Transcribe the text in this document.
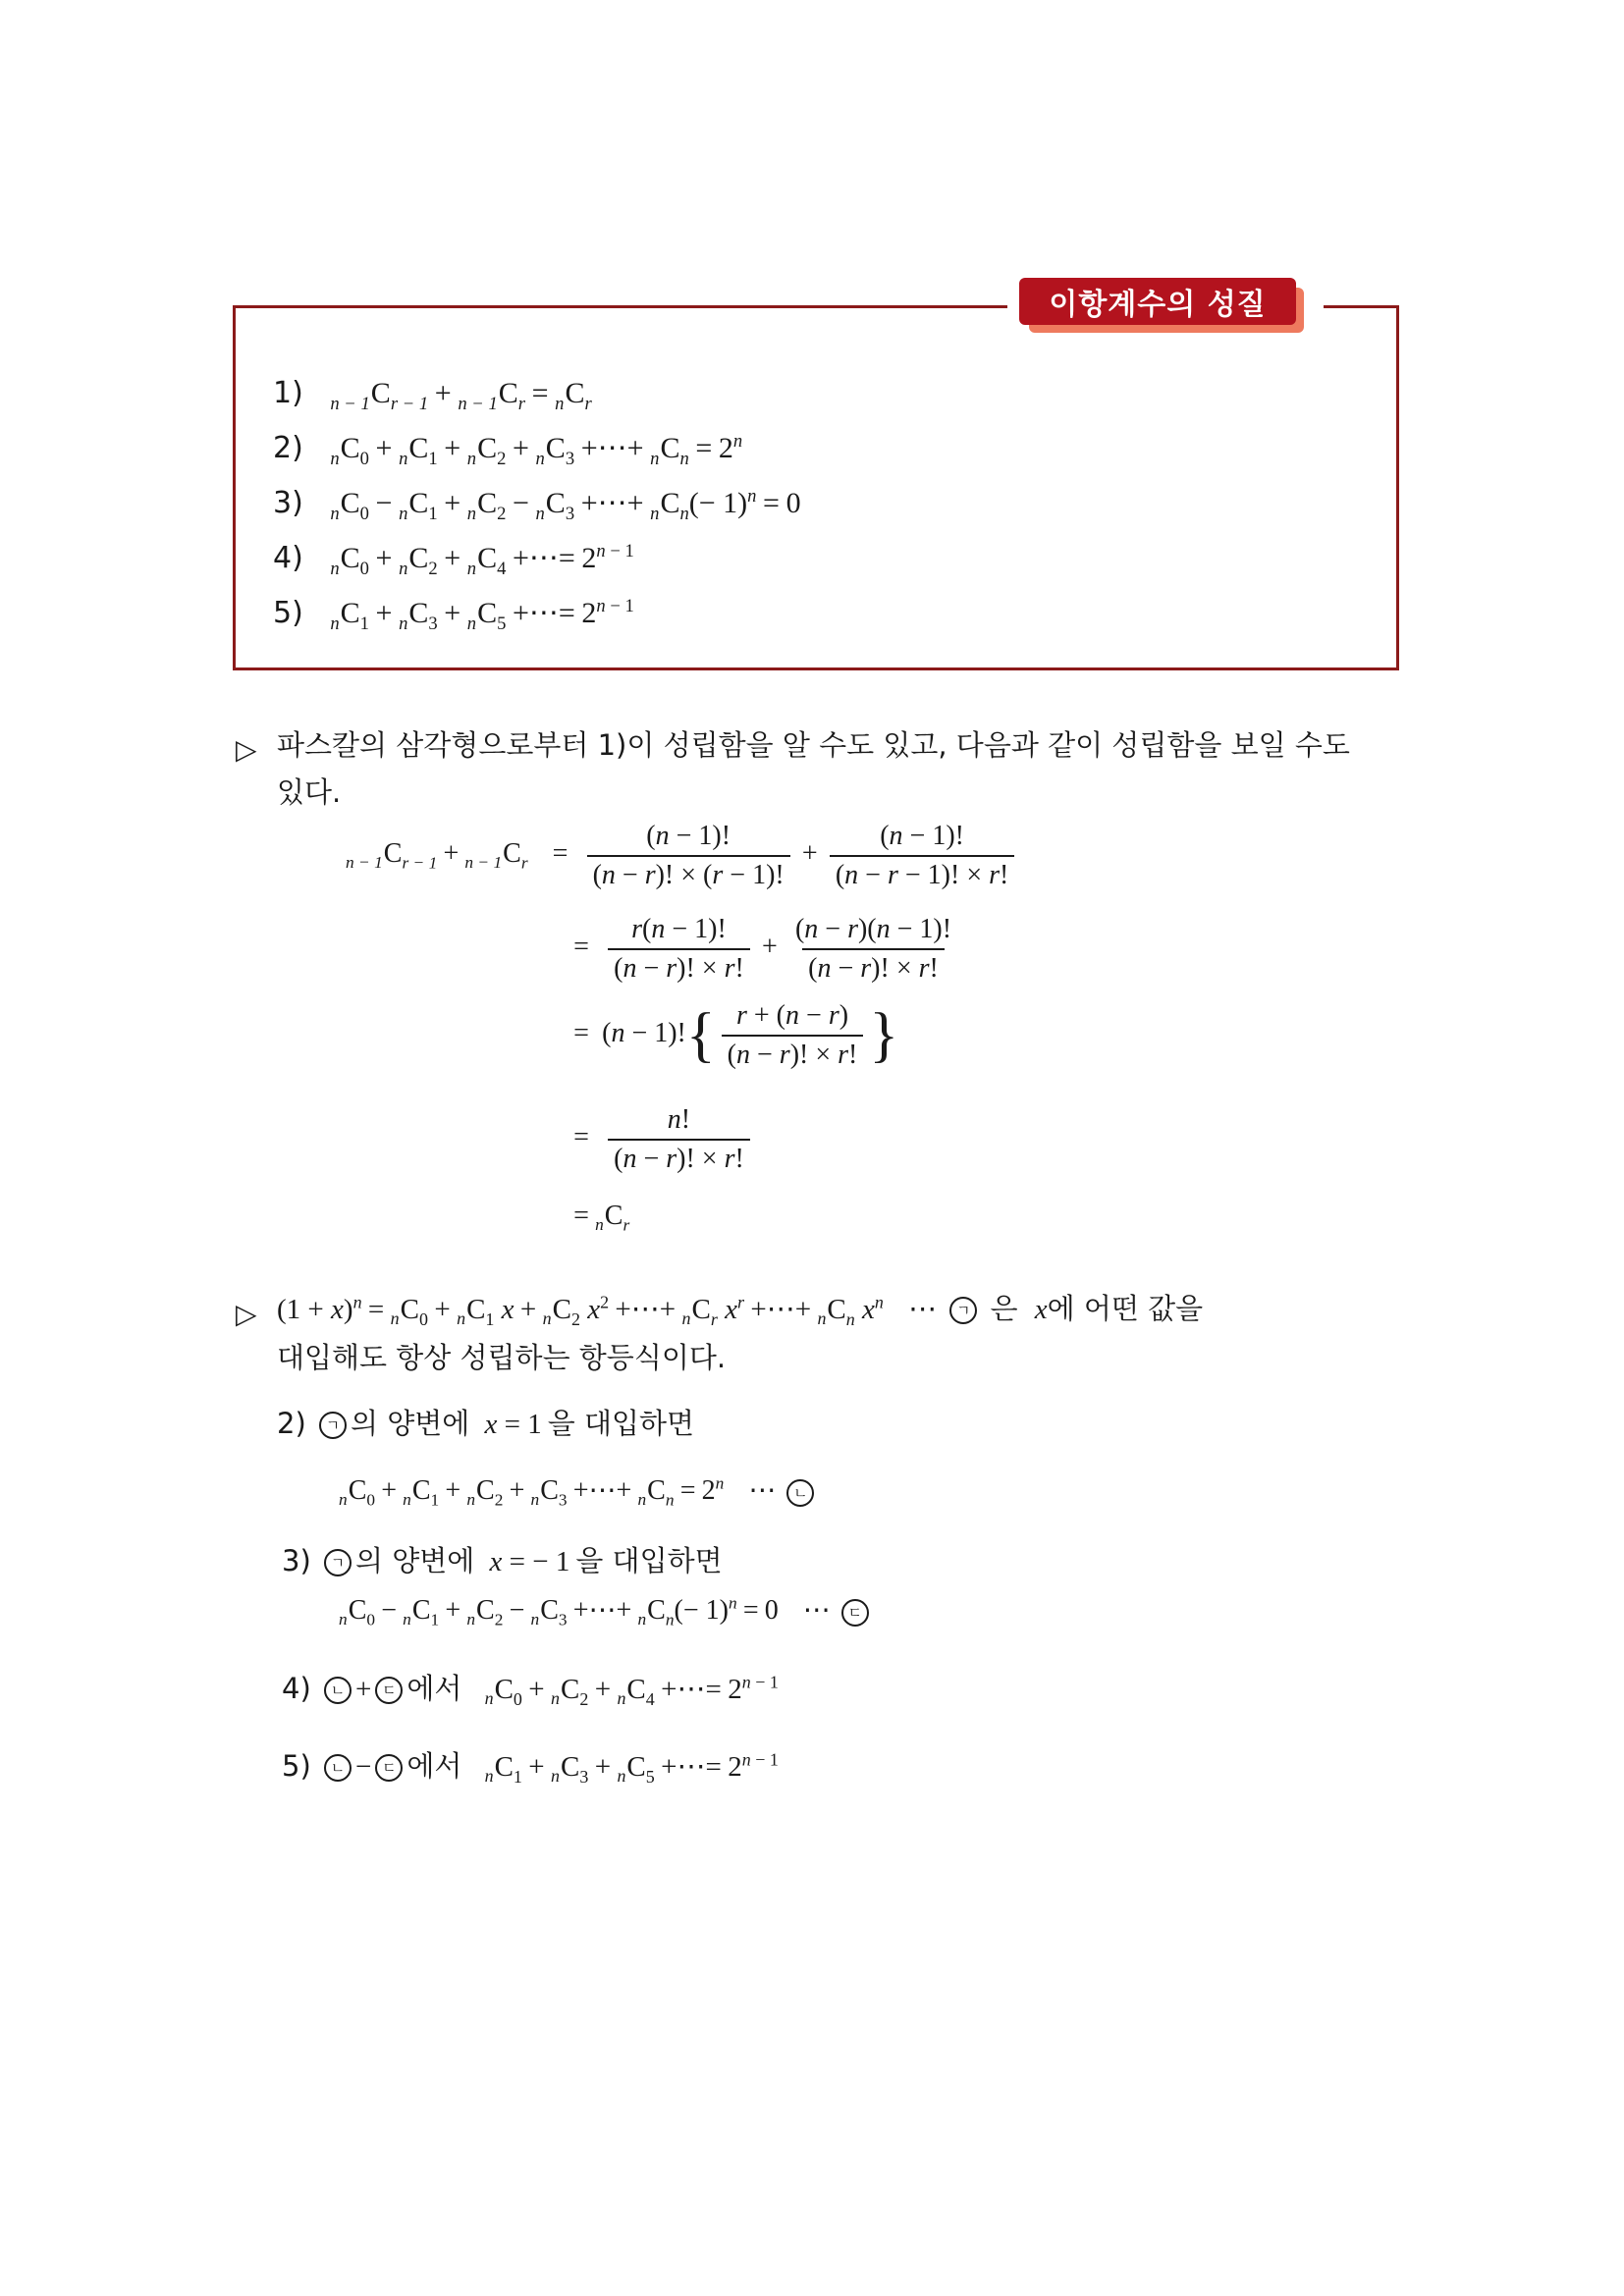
이항계수의 성질
1) $_{n - 1}C_{r - 1} + _{n - 1}C_r = _nC_r$
2) $_nC_0 + _nC_1 + _nC_2 + _nC_3$ +⋯+ $_nC_n = 2^n$
3) $_nC_0 - _nC_1 + _nC_2 - _nC_3$ +⋯+ $_nC_n(- 1)^n = 0$
4) $_nC_0 + _nC_2 + _nC_4$ +⋯= $2^{n - 1}$
5) $_nC_1 + _nC_3 + _nC_5$ +⋯= $2^{n - 1}$
▷ 파스칼의 삼각형으로부터 1)이 성립함을 알 수도 있고, 다음과 같이 성립함을 보일 수도
있다.
$_{n - 1}C_{r - 1} + _{n - 1}C_r = \frac{(n - 1)!}{(n - r)! \times (r - 1)!} + \frac{(n - 1)!}{(n - r - 1)! \times r!}$
= $\frac{r(n - 1)!}{(n - r)! \times r!} + \frac{(n - r)(n - 1)!}{(n - r)! \times r!}$
= $(n - 1)!\{ \frac{r + (n - r)}{(n - r)! \times r!}$ }
= $\frac{n!}{(n - r)! \times r!}$
= $_nC_r$
▷ $(1 + x)^n = _nC_0 + _nC_1$ $x + _nC_2$ $x^2$ +⋯+ $_nC_r$ $x^r$ +⋯+ $_nC_n$ $x^n$ ⋯ ㄱ 은 x에 어떤 값을
대입해도 항상 성립하는 항등식이다.
2) ㄱ 의 양변에 x = 1 을 대입하면
$_nC_0 + _nC_1 + _nC_2 + _nC_3$ +⋯+ $_nC_n = 2^n$ ⋯ ㄴ
3) ㄱ 의 양변에 x = − 1 을 대입하면
$_nC_0 - _nC_1 + _nC_2 - _nC_3$ +⋯+ $_nC_n(- 1)^n = 0$ ⋯ ㄷ
4) ㄴ + ㄷ 에서 $_nC_0 + _nC_2 + _nC_4$ +⋯= $2^{n - 1}$
5) ㄴ − ㄷ 에서 $_nC_1 + _nC_3 + _nC_5$ +⋯= $2^{n - 1}$
